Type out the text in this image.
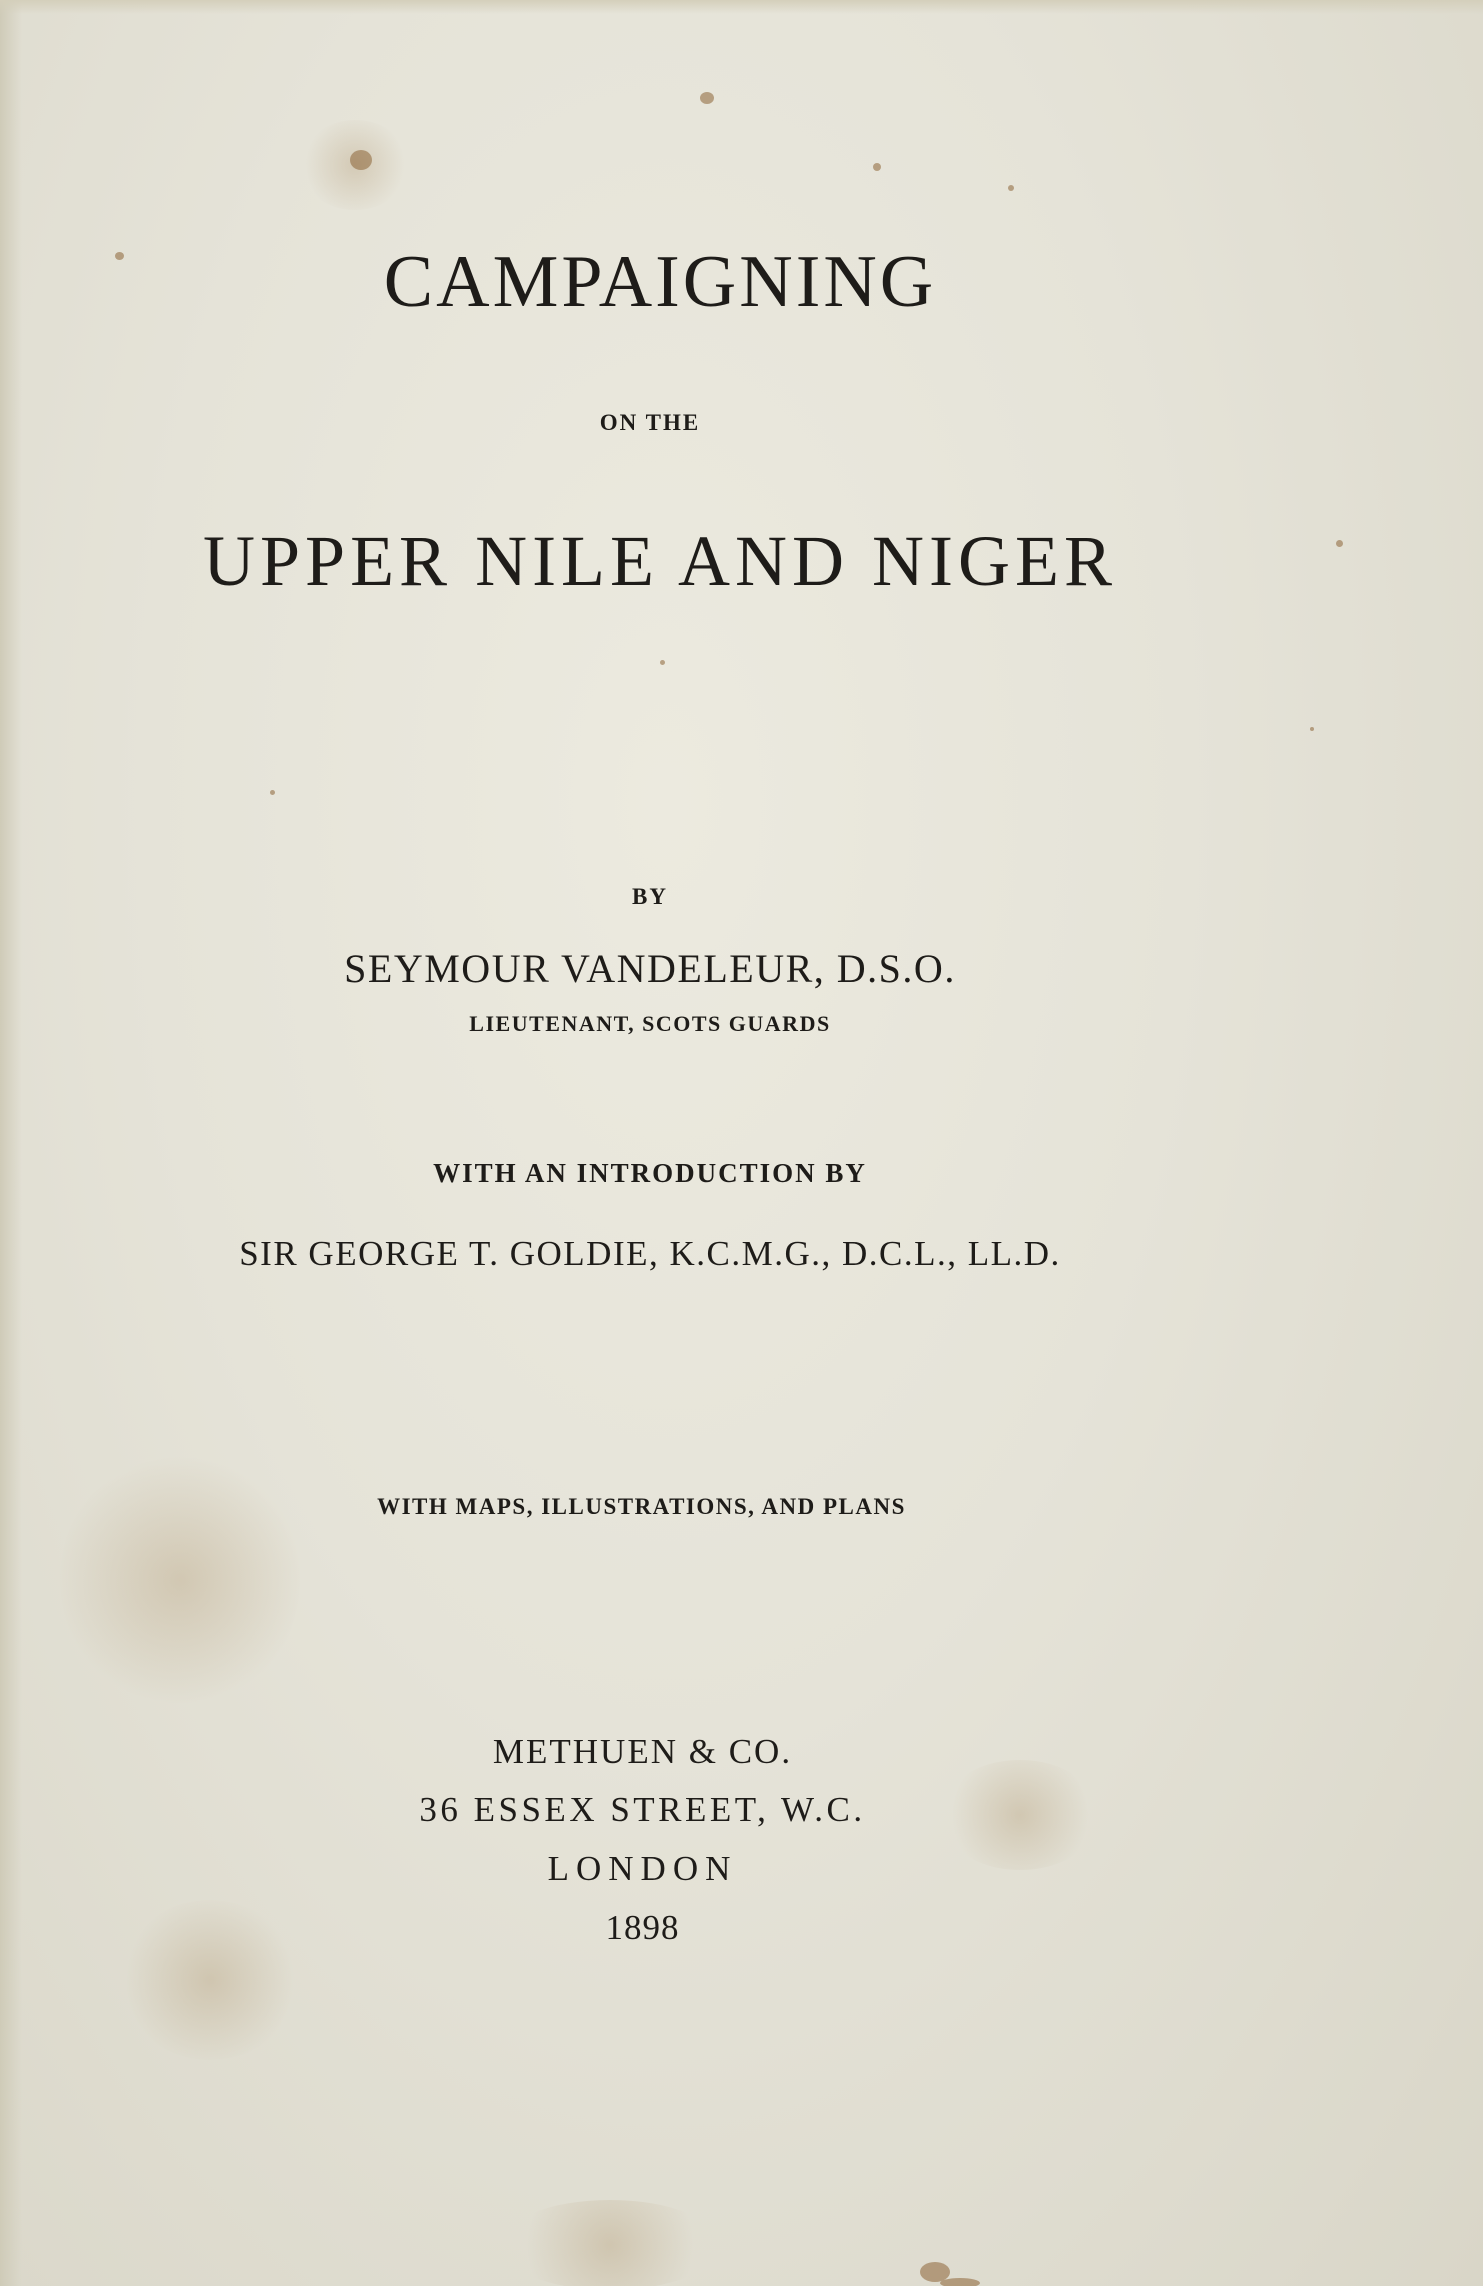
CAMPAIGNING
ON THE
UPPER NILE AND NIGER
BY
SEYMOUR VANDELEUR, D.S.O.
LIEUTENANT, SCOTS GUARDS
WITH AN INTRODUCTION BY
SIR GEORGE T. GOLDIE, K.C.M.G., D.C.L., LL.D.
WITH MAPS, ILLUSTRATIONS, AND PLANS
METHUEN & CO.
36 ESSEX STREET, W.C.
LONDON
1898
